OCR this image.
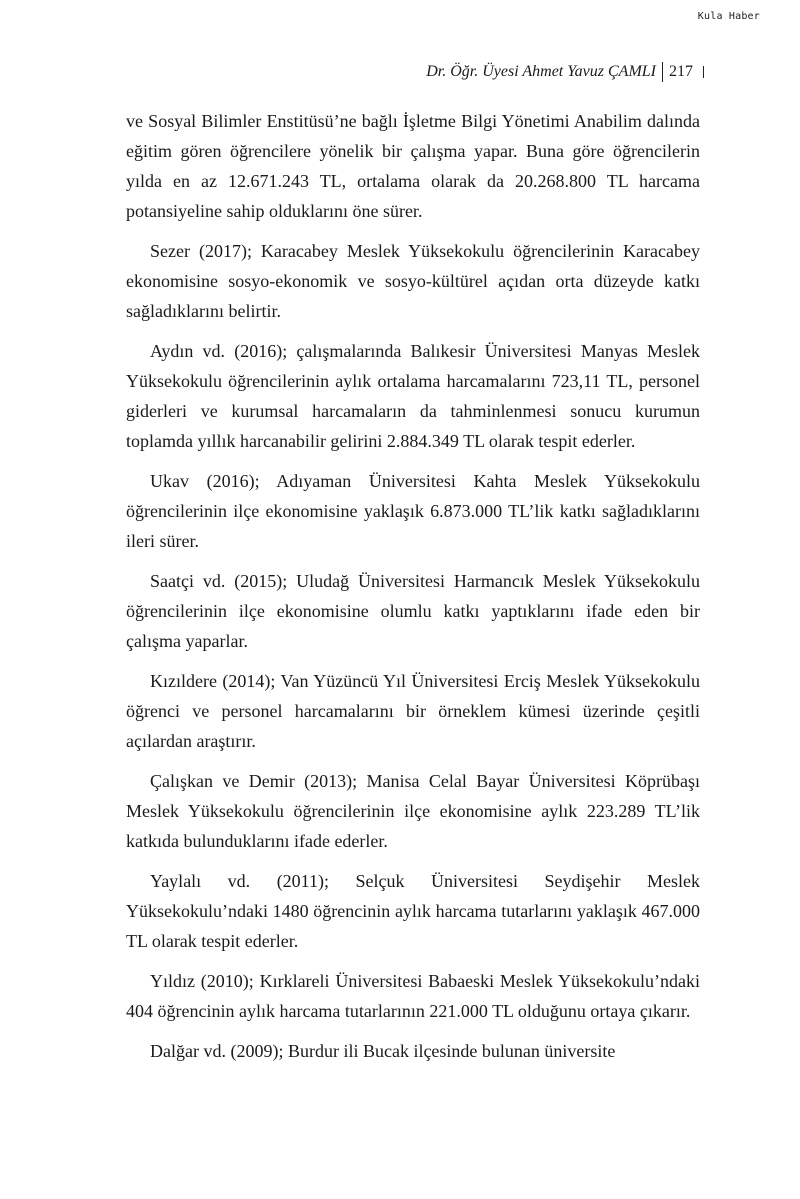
Kula Haber
Dr. Öğr. Üyesi Ahmet Yavuz ÇAMLI 217

ve Sosyal Bilimler Enstitüsü’ne bağlı İşletme Bilgi Yönetimi Anabilim dalında eğitim gören öğrencilere yönelik bir çalışma yapar. Buna göre öğrencilerin yılda en az 12.671.243 TL, ortalama olarak da 20.268.800 TL harcama potansiyeline sahip olduklarını öne sürer.

Sezer (2017); Karacabey Meslek Yüksekokulu öğrencilerinin Karacabey ekonomisine sosyo-ekonomik ve sosyo-kültürel açıdan orta düzeyde katkı sağladıklarını belirtir.

Aydın vd. (2016); çalışmalarında Balıkesir Üniversitesi Manyas Meslek Yüksekokulu öğrencilerinin aylık ortalama harcamalarını 723,11 TL, personel giderleri ve kurumsal harcamaların da tahminlenmesi sonucu kurumun toplamda yıllık harcanabilir gelirini 2.884.349 TL olarak tespit ederler.

Ukav (2016); Adıyaman Üniversitesi Kahta Meslek Yüksekokulu öğrencilerinin ilçe ekonomisine yaklaşık 6.873.000 TL’lik katkı sağladıklarını ileri sürer.

Saatçi vd. (2015); Uludağ Üniversitesi Harmancık Meslek Yüksekokulu öğrencilerinin ilçe ekonomisine olumlu katkı yaptıklarını ifade eden bir çalışma yaparlar.

Kızıldere (2014); Van Yüzüncü Yıl Üniversitesi Erciş Meslek Yüksekokulu öğrenci ve personel harcamalarını bir örneklem kümesi üzerinde çeşitli açılardan araştırır.

Çalışkan ve Demir (2013); Manisa Celal Bayar Üniversitesi Köprübaşı Meslek Yüksekokulu öğrencilerinin ilçe ekonomisine aylık 223.289 TL’lik katkıda bulunduklarını ifade ederler.

Yaylalı vd. (2011); Selçuk Üniversitesi Seydişehir Meslek Yüksekokulu’ndaki 1480 öğrencinin aylık harcama tutarlarını yaklaşık 467.000 TL olarak tespit ederler.

Yıldız (2010); Kırklareli Üniversitesi Babaeski Meslek Yüksekokulu’ndaki 404 öğrencinin aylık harcama tutarlarının 221.000 TL olduğunu ortaya çıkarır.

Dalğar vd. (2009); Burdur ili Bucak ilçesinde bulunan üniversite
